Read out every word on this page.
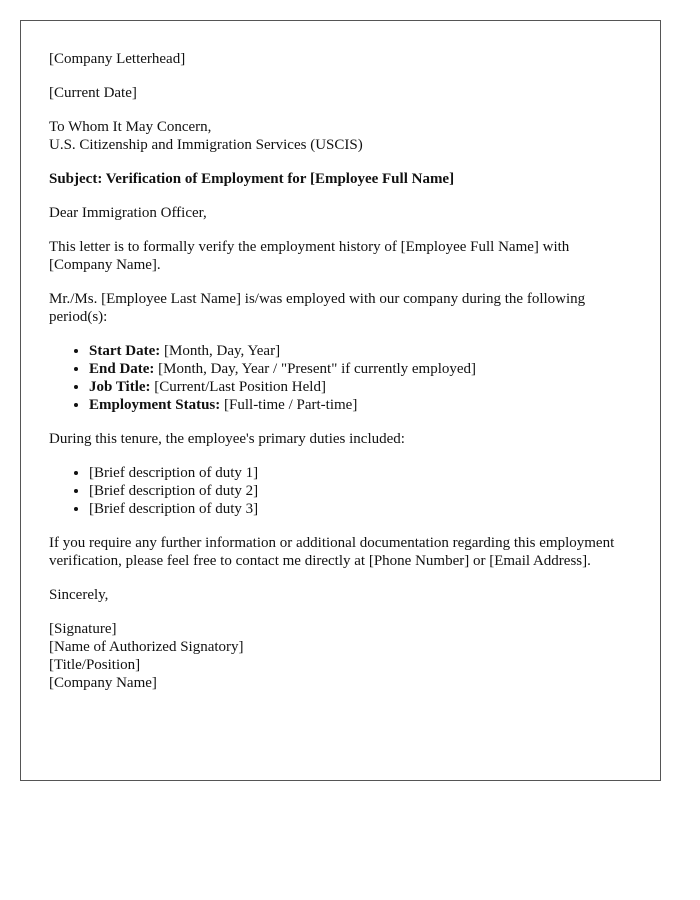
[Company Letterhead]

[Current Date]

To Whom It May Concern,
U.S. Citizenship and Immigration Services (USCIS)

Subject: Verification of Employment for [Employee Full Name]

Dear Immigration Officer,

This letter is to formally verify the employment history of [Employee Full Name] with [Company Name].

Mr./Ms. [Employee Last Name] is/was employed with our company during the following period(s):

• Start Date: [Month, Day, Year]
• End Date: [Month, Day, Year / "Present" if currently employed]
• Job Title: [Current/Last Position Held]
• Employment Status: [Full-time / Part-time]

During this tenure, the employee's primary duties included:

• [Brief description of duty 1]
• [Brief description of duty 2]
• [Brief description of duty 3]

If you require any further information or additional documentation regarding this employment verification, please feel free to contact me directly at [Phone Number] or [Email Address].

Sincerely,

[Signature]
[Name of Authorized Signatory]
[Title/Position]
[Company Name]
